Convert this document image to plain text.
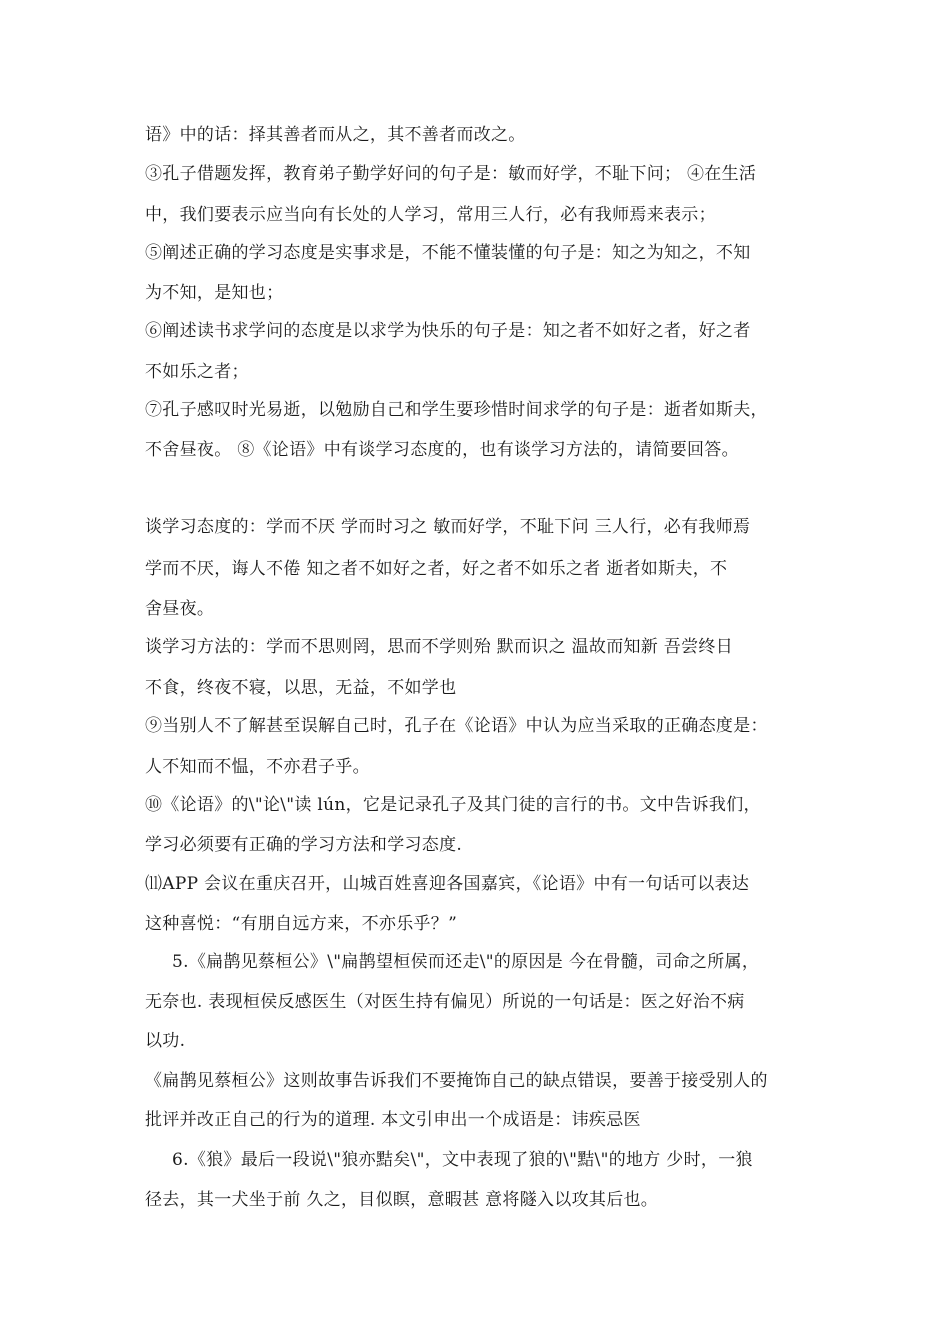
语》中的话：择其善者而从之，其不善者而改之。
③孔子借题发挥，教育弟子勤学好问的句子是：敏而好学，不耻下问； ④在生活
中，我们要表示应当向有长处的人学习，常用三人行，必有我师焉来表示；
⑤阐述正确的学习态度是实事求是，不能不懂装懂的句子是：知之为知之，不知
为不知，是知也；
⑥阐述读书求学问的态度是以求学为快乐的句子是：知之者不如好之者，好之者
不如乐之者；
⑦孔子感叹时光易逝，以勉励自己和学生要珍惜时间求学的句子是：逝者如斯夫，
不舍昼夜。 ⑧《论语》中有谈学习态度的，也有谈学习方法的，请简要回答。
谈学习态度的：学而不厌 学而时习之 敏而好学，不耻下问 三人行，必有我师焉
学而不厌，诲人不倦 知之者不如好之者，好之者不如乐之者 逝者如斯夫，不
舍昼夜。
谈学习方法的：学而不思则罔，思而不学则殆 默而识之 温故而知新 吾尝终日
不食，终夜不寝，以思，无益，不如学也
⑨当别人不了解甚至误解自己时，孔子在《论语》中认为应当采取的正确态度是：
人不知而不愠，不亦君子乎。
⑩《论语》的\"论\"读 lún，它是记录孔子及其门徒的言行的书。文中告诉我们，
学习必须要有正确的学习方法和学习态度.
⑾APP 会议在重庆召开，山城百姓喜迎各国嘉宾，《论语》中有一句话可以表达
这种喜悦：“有朋自远方来，不亦乐乎？”
5.《扁鹊见蔡桓公》\"扁鹊望桓侯而还走\"的原因是 今在骨髓，司命之所属，
无奈也. 表现桓侯反感医生（对医生持有偏见）所说的一句话是：医之好治不病
以功.
《扁鹊见蔡桓公》这则故事告诉我们不要掩饰自己的缺点错误，要善于接受别人的
批评并改正自己的行为的道理. 本文引申出一个成语是：讳疾忌医
6.《狼》最后一段说\"狼亦黠矣\"，文中表现了狼的\"黠\"的地方 少时，一狼
径去，其一犬坐于前 久之，目似瞑，意暇甚 意将隧入以攻其后也。
